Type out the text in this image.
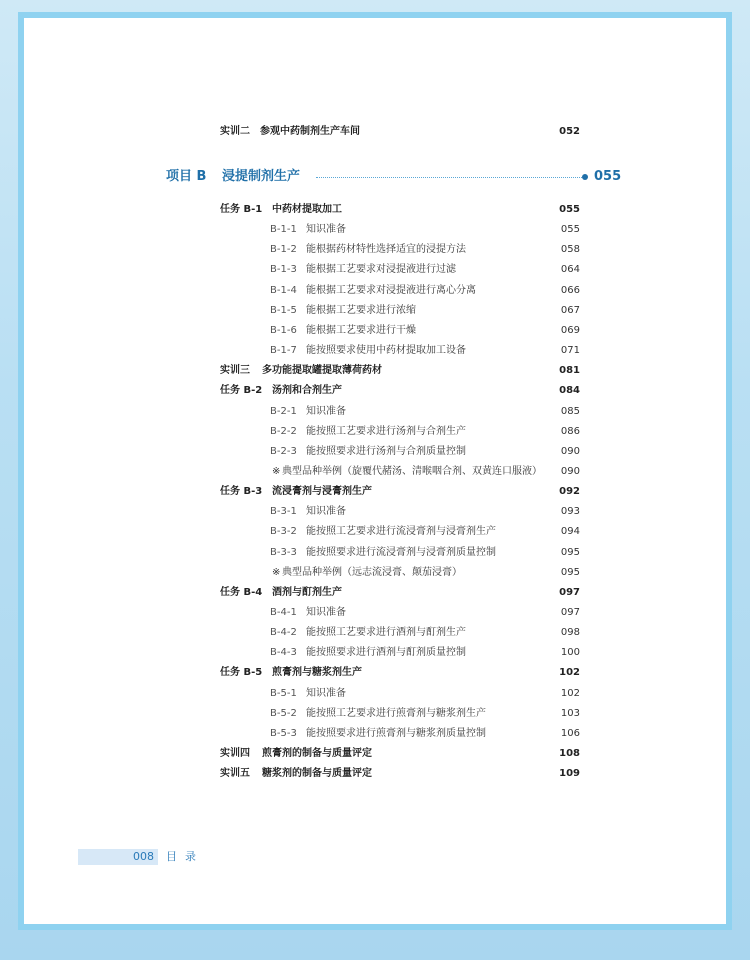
实训二　参观中药制剂生产车间	052
项目 B 浸提制剂生产	055
任务 B-1 中药材提取加工	055
B-1-1 知识准备	055
B-1-2 能根据药材特性选择适宜的浸提方法	058
B-1-3 能根据工艺要求对浸提液进行过滤	064
B-1-4 能根据工艺要求对浸提液进行离心分离	066
B-1-5 能根据工艺要求进行浓缩	067
B-1-6 能根据工艺要求进行干燥	069
B-1-7 能按照要求使用中药材提取加工设备	071
实训三 多功能提取罐提取薄荷药材	081
任务 B-2 汤剂和合剂生产	084
B-2-1 知识准备	085
B-2-2 能按照工艺要求进行汤剂与合剂生产	086
B-2-3 能按照要求进行汤剂与合剂质量控制	090
※ 典型品种举例（旋覆代赭汤、清喉咽合剂、双黄连口服液） 090
任务 B-3 流浸膏剂与浸膏剂生产	092
B-3-1 知识准备	093
B-3-2 能按照工艺要求进行流浸膏剂与浸膏剂生产	094
B-3-3 能按照要求进行流浸膏剂与浸膏剂质量控制	095
※ 典型品种举例（远志流浸膏、颠茄浸膏）	095
任务 B-4 酒剂与酊剂生产	097
B-4-1 知识准备	097
B-4-2 能按照工艺要求进行酒剂与酊剂生产	098
B-4-3 能按照要求进行酒剂与酊剂质量控制	100
任务 B-5 煎膏剂与糖浆剂生产	102
B-5-1 知识准备	102
B-5-2 能按照工艺要求进行煎膏剂与糖浆剂生产	103
B-5-3 能按照要求进行煎膏剂与糖浆剂质量控制	106
实训四 煎膏剂的制备与质量评定	108
实训五 糖浆剂的制备与质量评定	109
008 目录
